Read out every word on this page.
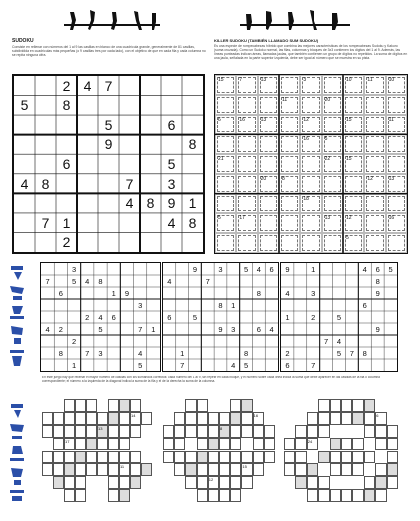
SUDOKU
Consiste en rellenar con números del 1 al 9 las casillas en blanco de una cuadrícula grande, generalmente de 81 casillas, subdividida en cuadrículas más pequeñas (o 9 casillas tres por cada lado), con el objetivo de que en cada fila y cada columna no se repita ninguna cifra.
2 4 7
5	8
5	6
9	8
6	5
4 8	7	3
4 8 9 1
7 1	4 8
2
KILLER SUDOKU (TAMBIÉN LLAMADO SUM SUDOKU)
Es una especie de rompecabezas híbrido que combina las mejores características de los rompecabezas Sudoku y Kakuro (suma cruzada). Como un Sudoku normal, las filas, columnas y bloques de 3x3 contienen los dígitos del 1 al 9. Además, las líneas punteadas indican áreas, llamadas jaulas, que también contienen un grupo de dígitos no repetidos. La suma de dígitos en una jaula, señalada en la parte superior izquierda, debe ser igual al número que se muestra en su pista.
15	7	13	3	10	11	10
11	20
6	16	13	12	15	11
16	5
21	22	15
20	8	12	13
18
5	17	13	12	16
5
3
7	5	4	8
6	1	9
3
2	4	6
4	2	5	7	1
2
8	7	3	4
1	5
9	3	5	4	6
4	7
8
8	1
6	5
9	3	6	4
1	8
7	4	5
9	1	4	6	5
8
4	3	9
6
1	2	5
9
7	4
2	5	7	8
6	7
En este juego hay que rellenar el mayor número de casillas con los sumandos correctos: cada número del 1 al 9, sin repetir en cada bloque, y el número sobre cada línea indica la suma que debe aparecer en las casillas de la fila o columna correspondiente; el número a la izquierda de la diagonal indica la suma de la fila y el de la derecha la suma de la columna.
14
13
17
11
16
8
15
12
6
24
